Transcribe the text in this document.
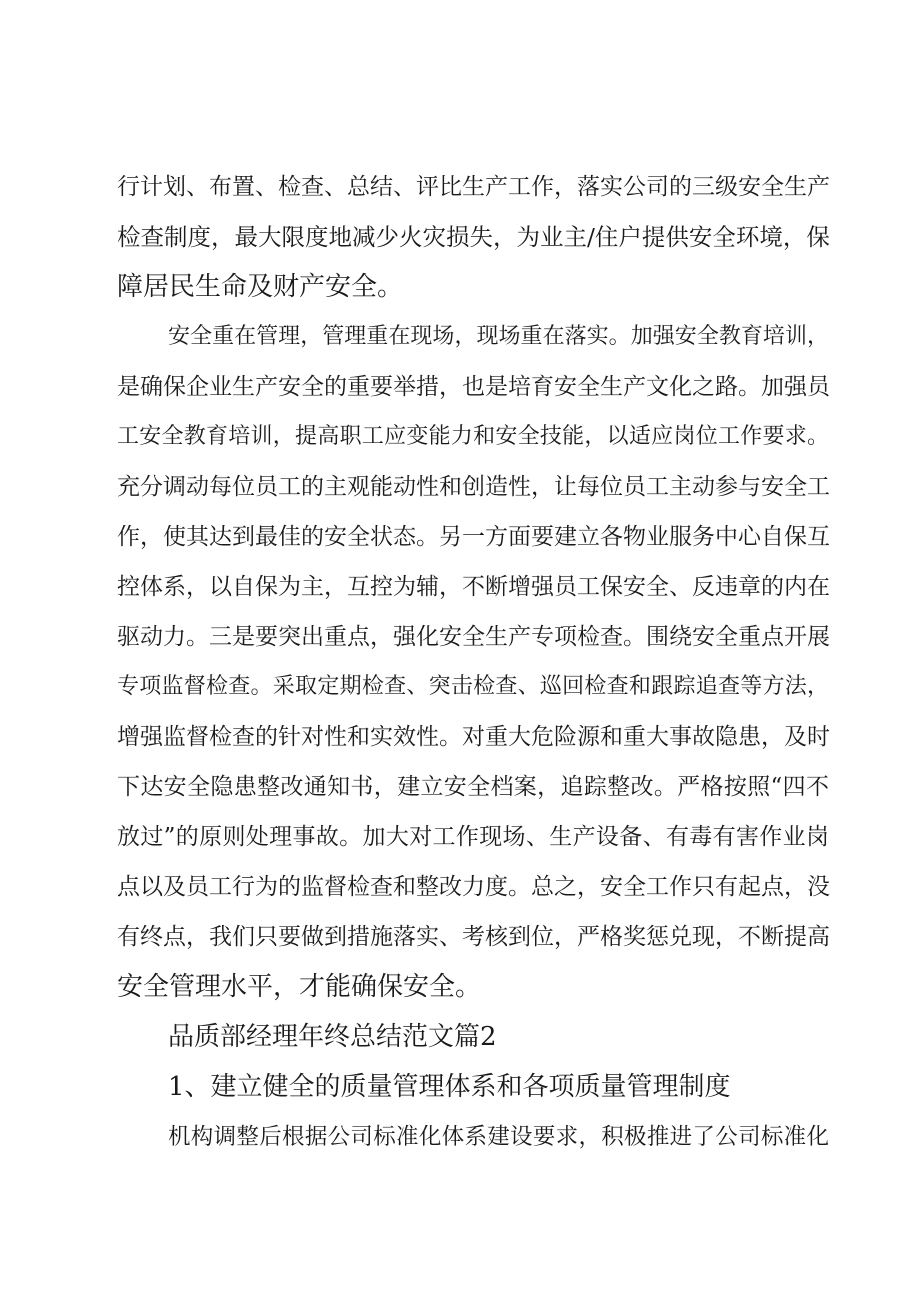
行计划、布置、检查、总结、评比生产工作，落实公司的三级安全生产
检查制度，最大限度地减少火灾损失，为业主/住户提供安全环境，保
障居民生命及财产安全。
安全重在管理，管理重在现场，现场重在落实。加强安全教育培训，
是确保企业生产安全的重要举措，也是培育安全生产文化之路。加强员
工安全教育培训，提高职工应变能力和安全技能，以适应岗位工作要求。
充分调动每位员工的主观能动性和创造性，让每位员工主动参与安全工
作，使其达到最佳的安全状态。另一方面要建立各物业服务中心自保互
控体系，以自保为主，互控为辅，不断增强员工保安全、反违章的内在
驱动力。三是要突出重点，强化安全生产专项检查。围绕安全重点开展
专项监督检查。采取定期检查、突击检查、巡回检查和跟踪追查等方法，
增强监督检查的针对性和实效性。对重大危险源和重大事故隐患，及时
下达安全隐患整改通知书，建立安全档案，追踪整改。严格按照“四不
放过”的原则处理事故。加大对工作现场、生产设备、有毒有害作业岗
点以及员工行为的监督检查和整改力度。总之，安全工作只有起点，没
有终点，我们只要做到措施落实、考核到位，严格奖惩兑现，不断提高
安全管理水平，才能确保安全。
品质部经理年终总结范文篇2
1、建立健全的质量管理体系和各项质量管理制度
机构调整后根据公司标准化体系建设要求，积极推进了公司标准化
